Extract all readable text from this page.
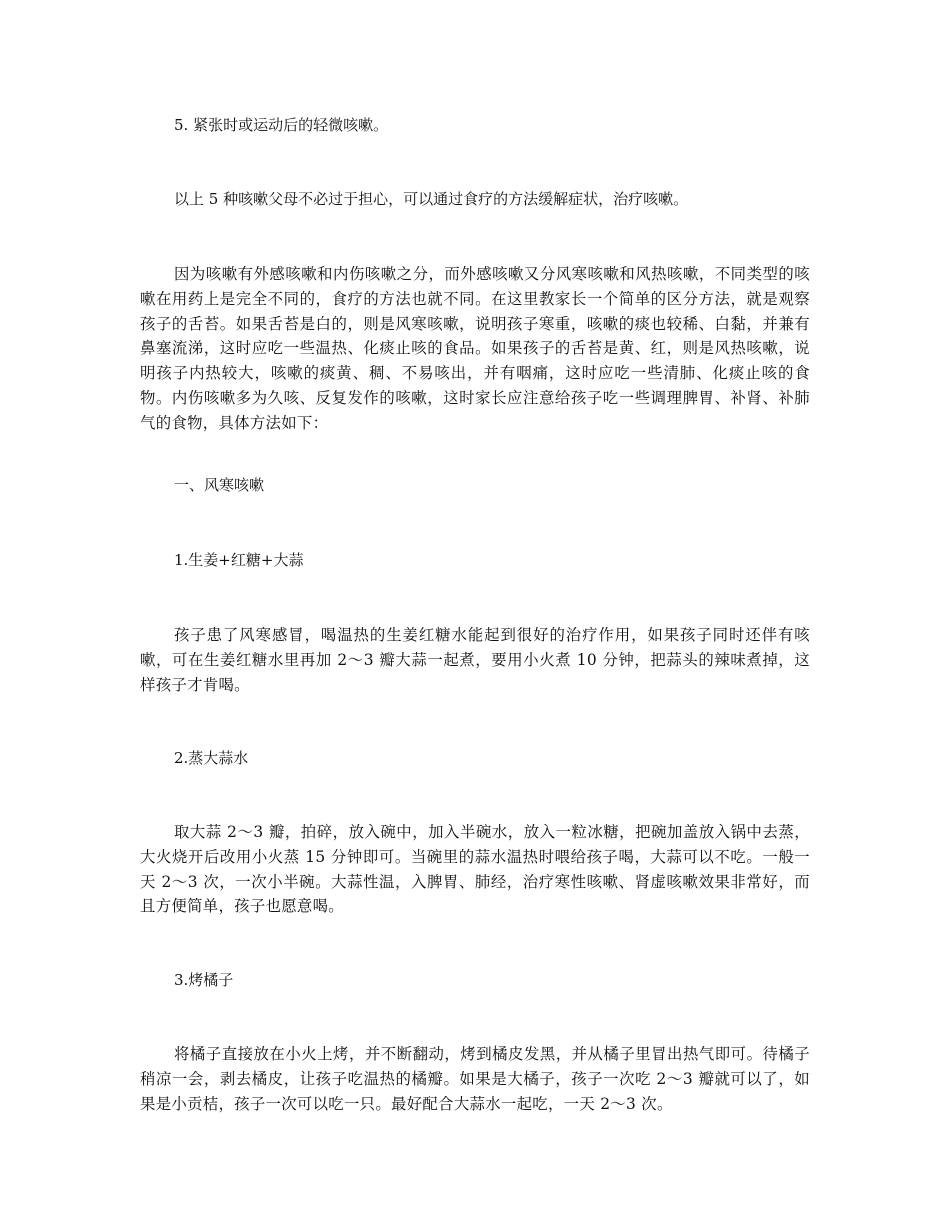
5. 紧张时或运动后的轻微咳嗽。
以上 5 种咳嗽父母不必过于担心，可以通过食疗的方法缓解症状，治疗咳嗽。

因为咳嗽有外感咳嗽和内伤咳嗽之分，而外感咳嗽又分风寒咳嗽和风热咳嗽，不同类型的咳嗽在用药上是完全不同的，食疗的方法也就不同。在这里教家长一个简单的区分方法，就是观察孩子的舌苔。如果舌苔是白的，则是风寒咳嗽，说明孩子寒重，咳嗽的痰也较稀、白黏，并兼有鼻塞流涕，这时应吃一些温热、化痰止咳的食品。如果孩子的舌苔是黄、红，则是风热咳嗽，说明孩子内热较大，咳嗽的痰黄、稠、不易咳出，并有咽痛，这时应吃一些清肺、化痰止咳的食物。内伤咳嗽多为久咳、反复发作的咳嗽，这时家长应注意给孩子吃一些调理脾胃、补肾、补肺气的食物，具体方法如下：

一、风寒咳嗽
1.生姜+红糖+大蒜

孩子患了风寒感冒，喝温热的生姜红糖水能起到很好的治疗作用，如果孩子同时还伴有咳嗽，可在生姜红糖水里再加 2～3 瓣大蒜一起煮，要用小火煮 10 分钟，把蒜头的辣味煮掉，这样孩子才肯喝。

2.蒸大蒜水

取大蒜 2～3 瓣，拍碎，放入碗中，加入半碗水，放入一粒冰糖，把碗加盖放入锅中去蒸，大火烧开后改用小火蒸 15 分钟即可。当碗里的蒜水温热时喂给孩子喝，大蒜可以不吃。一般一天 2～3 次，一次小半碗。大蒜性温，入脾胃、肺经，治疗寒性咳嗽、肾虚咳嗽效果非常好，而且方便简单，孩子也愿意喝。

3.烤橘子

将橘子直接放在小火上烤，并不断翻动，烤到橘皮发黑，并从橘子里冒出热气即可。待橘子稍凉一会，剥去橘皮，让孩子吃温热的橘瓣。如果是大橘子，孩子一次吃 2～3 瓣就可以了，如果是小贡桔，孩子一次可以吃一只。最好配合大蒜水一起吃，一天 2～3 次。
